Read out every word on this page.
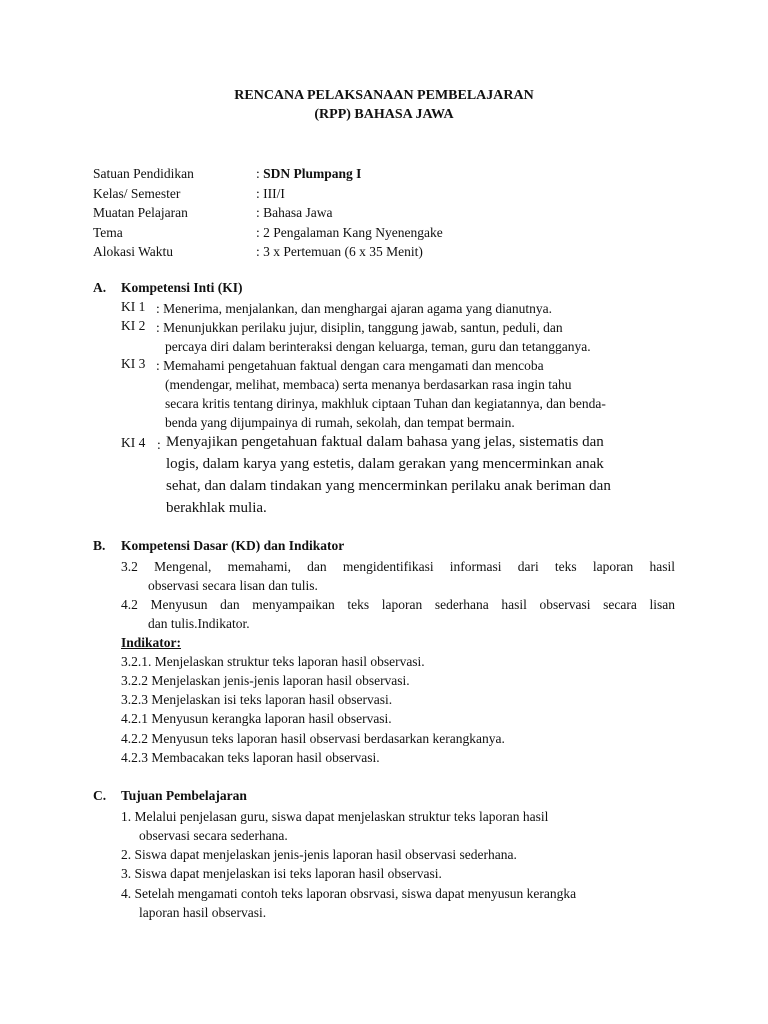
RENCANA PELAKSANAAN PEMBELAJARAN
(RPP) BAHASA JAWA
Satuan Pendidikan	: SDN Plumpang I
Kelas/ Semester	: III/I
Muatan Pelajaran	: Bahasa Jawa
Tema	: 2 Pengalaman Kang Nyenengake
Alokasi Waktu	: 3 x Pertemuan (6 x 35 Menit)
A. Kompetensi Inti (KI)
KI 1 : Menerima, menjalankan, dan menghargai ajaran agama yang dianutnya.
KI 2 : Menunjukkan perilaku jujur, disiplin, tanggung jawab, santun, peduli, dan
percaya diri dalam berinteraksi dengan keluarga, teman, guru dan tetangganya.
KI 3 : Memahami pengetahuan faktual dengan cara mengamati dan mencoba
(mendengar, melihat, membaca) serta menanya berdasarkan rasa ingin tahu
secara kritis tentang dirinya, makhluk ciptaan Tuhan dan kegiatannya, dan benda-
benda yang dijumpainya di rumah, sekolah, dan tempat bermain.
KI 4 : Menyajikan pengetahuan faktual dalam bahasa yang jelas, sistematis dan
logis, dalam karya yang estetis, dalam gerakan yang mencerminkan anak
sehat, dan dalam tindakan yang mencerminkan perilaku anak beriman dan
berakhlak mulia.
B. Kompetensi Dasar (KD) dan Indikator
3.2 Mengenal, memahami, dan mengidentifikasi informasi dari teks laporan hasil
observasi secara lisan dan tulis.
4.2 Menyusun dan menyampaikan teks laporan sederhana hasil observasi secara lisan
dan tulis.Indikator.
Indikator:
3.2.1. Menjelaskan struktur teks laporan hasil observasi.
3.2.2 Menjelaskan jenis-jenis laporan hasil observasi.
3.2.3 Menjelaskan isi teks laporan hasil observasi.
4.2.1 Menyusun kerangka laporan hasil observasi.
4.2.2 Menyusun teks laporan hasil observasi berdasarkan kerangkanya.
4.2.3 Membacakan teks laporan hasil observasi.
C. Tujuan Pembelajaran
1. Melalui penjelasan guru, siswa dapat menjelaskan struktur teks laporan hasil
observasi secara sederhana.
2. Siswa dapat menjelaskan jenis-jenis laporan hasil observasi sederhana.
3. Siswa dapat menjelaskan isi teks laporan hasil observasi.
4. Setelah mengamati contoh teks laporan obsrvasi, siswa dapat menyusun kerangka
laporan hasil observasi.
